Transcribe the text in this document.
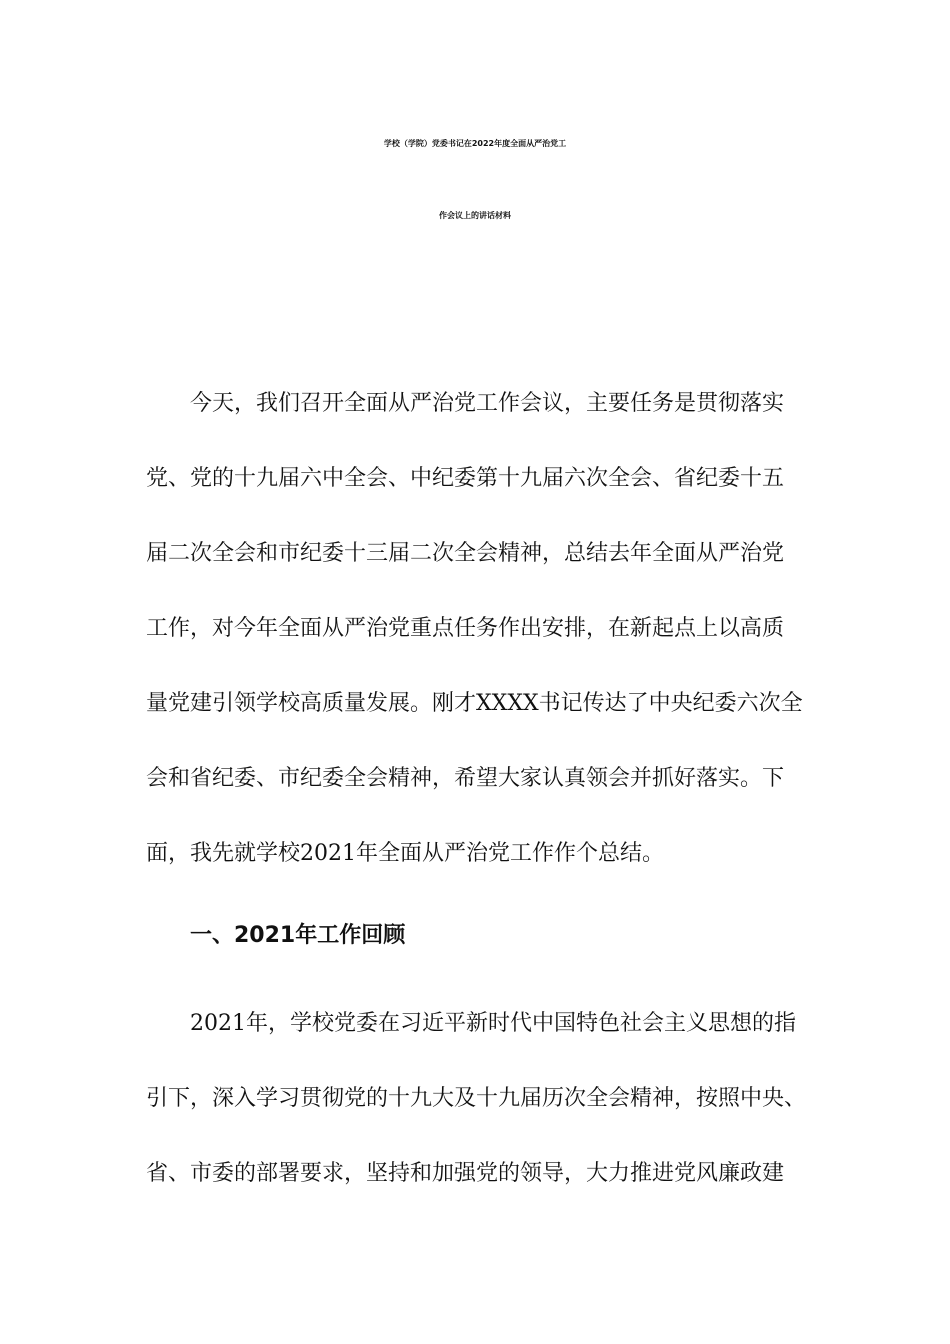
学校（学院）党委书记在2022年度全面从严治党工
作会议上的讲话材料
今天，我们召开全面从严治党工作会议，主要任务是贯彻落实
党、党的十九届六中全会、中纪委第十九届六次全会、省纪委十五
届二次全会和市纪委十三届二次全会精神，总结去年全面从严治党
工作，对今年全面从严治党重点任务作出安排，在新起点上以高质
量党建引领学校高质量发展。刚才XXXX书记传达了中央纪委六次全
会和省纪委、市纪委全会精神，希望大家认真领会并抓好落实。下
面，我先就学校2021年全面从严治党工作作个总结。
一、2021年工作回顾
2021年，学校党委在习近平新时代中国特色社会主义思想的指
引下，深入学习贯彻党的十九大及十九届历次全会精神，按照中央、
省、市委的部署要求，坚持和加强党的领导，大力推进党风廉政建
